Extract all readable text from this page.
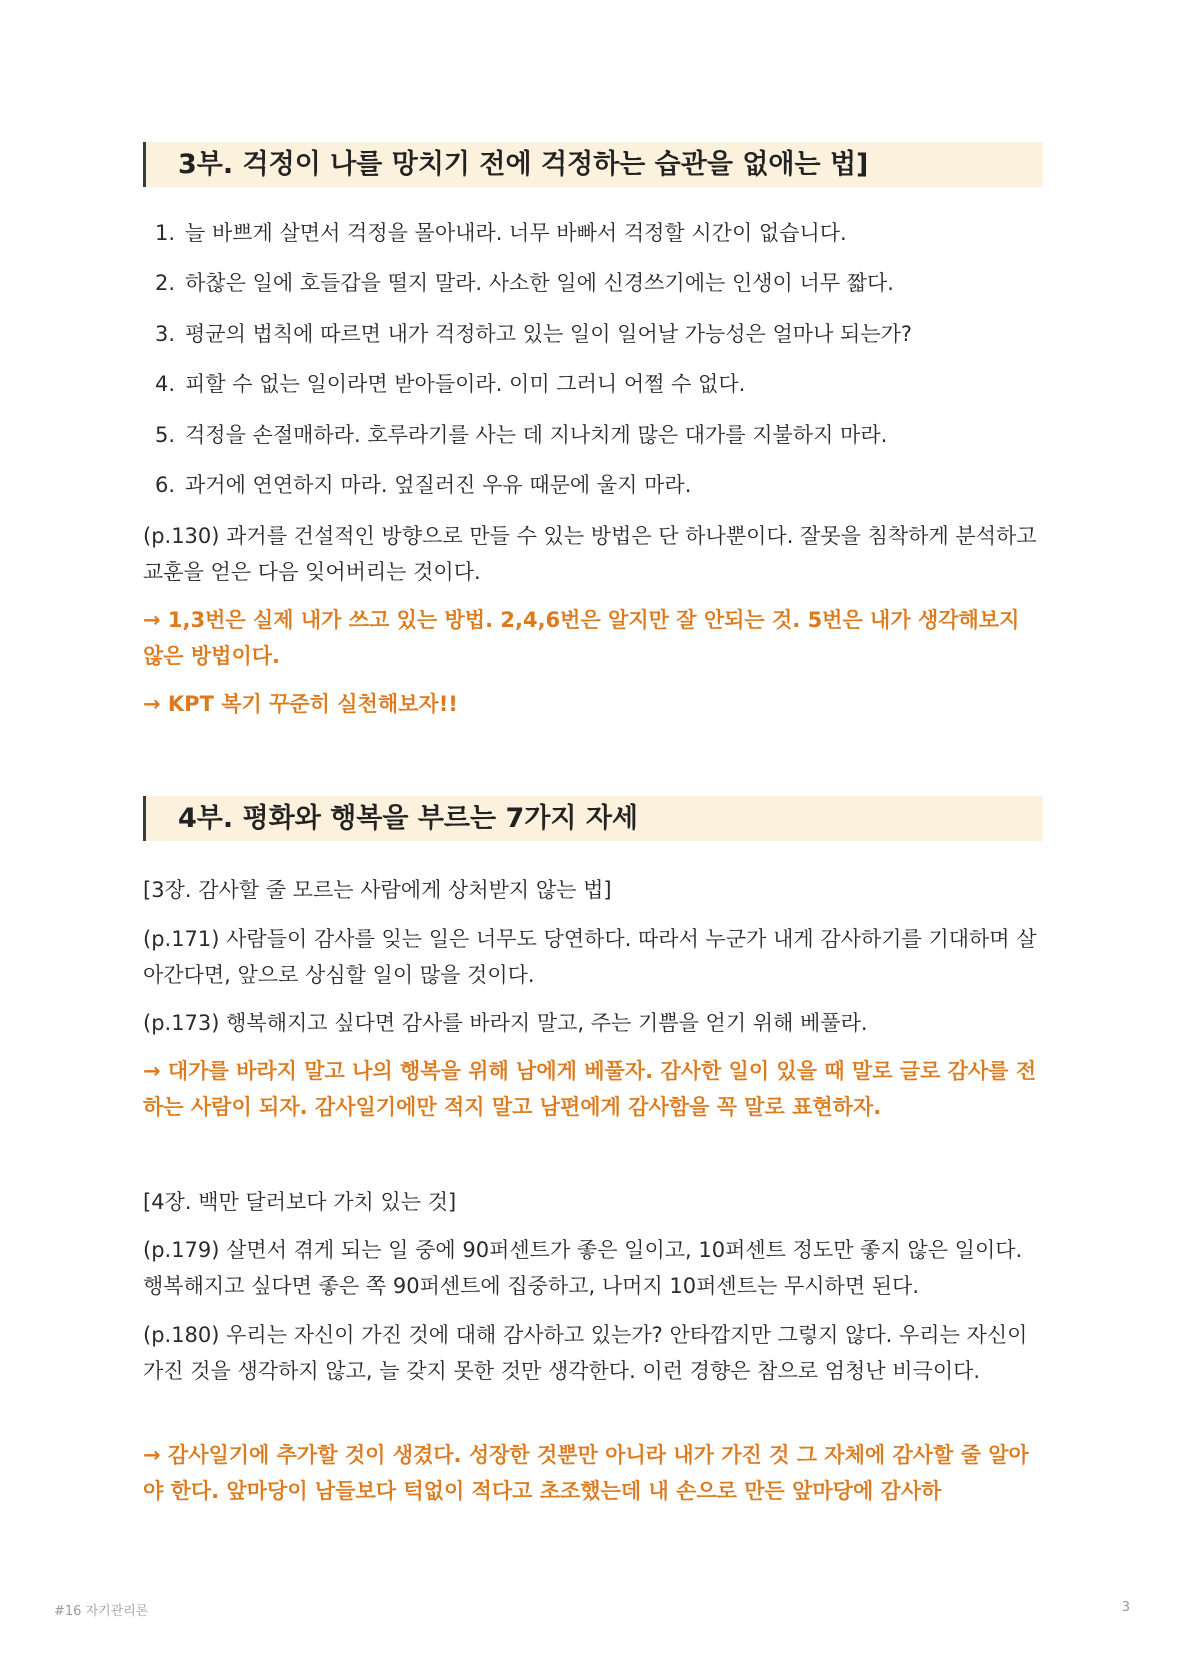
3부. 걱정이 나를 망치기 전에 걱정하는 습관을 없애는 법]
1. 늘 바쁘게 살면서 걱정을 몰아내라. 너무 바빠서 걱정할 시간이 없습니다.
2. 하찮은 일에 호들갑을 떨지 말라. 사소한 일에 신경쓰기에는 인생이 너무 짧다.
3. 평균의 법칙에 따르면 내가 걱정하고 있는 일이 일어날 가능성은 얼마나 되는가?
4. 피할 수 없는 일이라면 받아들이라. 이미 그러니 어쩔 수 없다.
5. 걱정을 손절매하라. 호루라기를 사는 데 지나치게 많은 대가를 지불하지 마라.
6. 과거에 연연하지 마라. 엎질러진 우유 때문에 울지 마라.

(p.130) 과거를 건설적인 방향으로 만들 수 있는 방법은 단 하나뿐이다. 잘못을 침착하게 분석하고 교훈을 얻은 다음 잊어버리는 것이다.

→ 1,3번은 실제 내가 쓰고 있는 방법. 2,4,6번은 알지만 잘 안되는 것. 5번은 내가 생각해보지 않은 방법이다.

→ KPT 복기 꾸준히 실천해보자!!

4부. 평화와 행복을 부르는 7가지 자세

[3장. 감사할 줄 모르는 사람에게 상처받지 않는 법]

(p.171) 사람들이 감사를 잊는 일은 너무도 당연하다. 따라서 누군가 내게 감사하기를 기대하며 살아간다면, 앞으로 상심할 일이 많을 것이다.

(p.173) 행복해지고 싶다면 감사를 바라지 말고, 주는 기쁨을 얻기 위해 베풀라.

→ 대가를 바라지 말고 나의 행복을 위해 남에게 베풀자. 감사한 일이 있을 때 말로 글로 감사를 전하는 사람이 되자. 감사일기에만 적지 말고 남편에게 감사함을 꼭 말로 표현하자.

[4장. 백만 달러보다 가치 있는 것]

(p.179) 살면서 겪게 되는 일 중에 90퍼센트가 좋은 일이고, 10퍼센트 정도만 좋지 않은 일이다. 행복해지고 싶다면 좋은 쪽 90퍼센트에 집중하고, 나머지 10퍼센트는 무시하면 된다.

(p.180) 우리는 자신이 가진 것에 대해 감사하고 있는가? 안타깝지만 그렇지 않다. 우리는 자신이 가진 것을 생각하지 않고, 늘 갖지 못한 것만 생각한다. 이런 경향은 참으로 엄청난 비극이다.

→ 감사일기에 추가할 것이 생겼다. 성장한 것뿐만 아니라 내가 가진 것 그 자체에 감사할 줄 알아야 한다. 앞마당이 남들보다 턱없이 적다고 초조했는데 내 손으로 만든 앞마당에 감사하

#16 자기관리론	3
